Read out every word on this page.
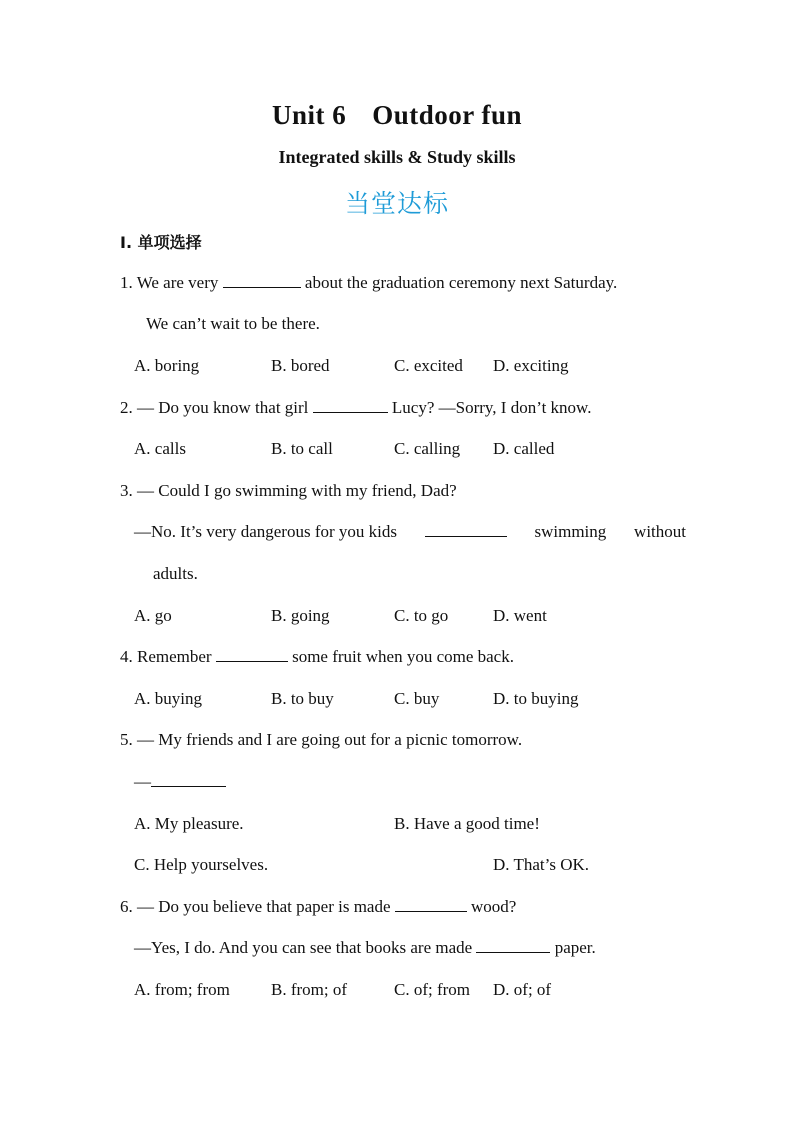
Unit 6 Outdoor fun
Integrated skills & Study skills
当堂达标
Ⅰ. 单项选择
1. We are very	about the graduation ceremony next Saturday.
We can’t wait to be there.
A. boring	B. bored	C. excited D. exciting
2. — Do you know that girl	Lucy? —Sorry, I don’t know.
A. calls	B. to call	C. calling D. called
3. — Could I go swimming with my friend, Dad?
—No. It’s very dangerous for you kids	swimming without
adults.
A. go	B. going	C. to go	D. went
4. Remember	some fruit when you come back.
A. buying	B. to buy	C. buy	D. to buying
5. — My friends and I are going out for a picnic tomorrow.
—
A. My pleasure.	B. Have a good time!
C. Help yourselves.	D. That’s OK.
6. — Do you believe that paper is made	wood?
—Yes, I do. And you can see that books are made	paper.
A. from; from B. from; of	C. of; from D. of; of
